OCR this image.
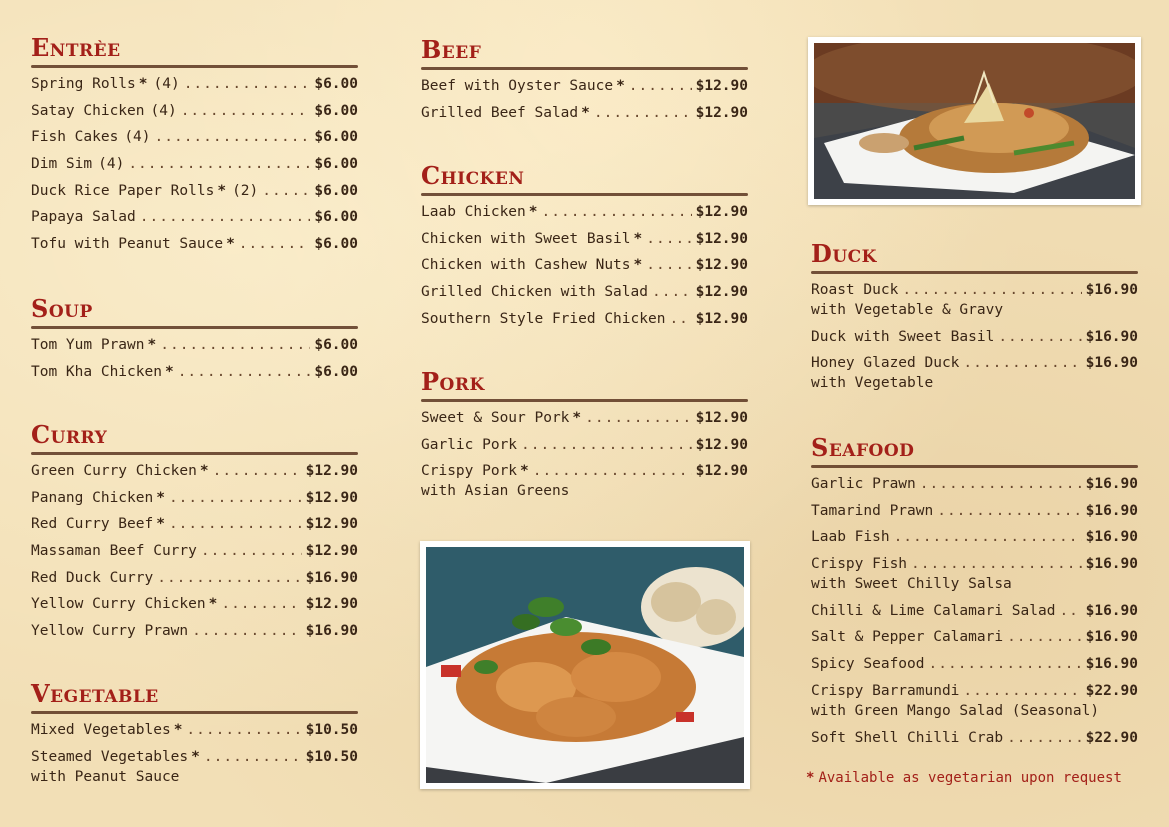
Entrèe
Spring Rolls * (4) .....	$6.00
Satay Chicken (4) .....	$6.00
Fish Cakes (4) .....	$6.00
Dim Sim (4) .....	$6.00
Duck Rice Paper Rolls * (2) .....	$6.00
Papaya Salad .....	$6.00
Tofu with Peanut Sauce * .....	$6.00
Soup
Tom Yum Prawn * .....	$6.00
Tom Kha Chicken * .....	$6.00
Curry
Green Curry Chicken * .....	$12.90
Panang Chicken * .....	$12.90
Red Curry Beef * .....	$12.90
Massaman Beef Curry .....	$12.90
Red Duck Curry .....	$16.90
Yellow Curry Chicken * .....	$12.90
Yellow Curry Prawn .....	$16.90
Vegetable
Mixed Vegetables * .....	$10.50
Steamed Vegetables * .....	$10.50
with Peanut Sauce
Beef
Beef with Oyster Sauce * .....	$12.90
Grilled Beef Salad * .....	$12.90
Chicken
Laab Chicken * .....	$12.90
Chicken with Sweet Basil * .....	$12.90
Chicken with Cashew Nuts * .....	$12.90
Grilled Chicken with Salad .....	$12.90
Southern Style Fried Chicken ..... $12.90
Pork
Sweet & Sour Pork * .....	$12.90
Garlic Pork .....	$12.90
Crispy Pork * .....	$12.90
with Asian Greens
Duck
Roast Duck .....	$16.90
with Vegetable & Gravy
Duck with Sweet Basil .....	$16.90
Honey Glazed Duck .....	$16.90
with Vegetable
Seafood
Garlic Prawn .....	$16.90
Tamarind Prawn .....	$16.90
Laab Fish .....	$16.90
Crispy Fish .....	$16.90
with Sweet Chilly Salsa
Chilli & Lime Calamari Salad ..... $16.90
Salt & Pepper Calamari .....	$16.90
Spicy Seafood .....	$16.90
Crispy Barramundi .....	$22.90
with Green Mango Salad (Seasonal)
Soft Shell Chilli Crab .....	$22.90
* Available as vegetarian upon request
